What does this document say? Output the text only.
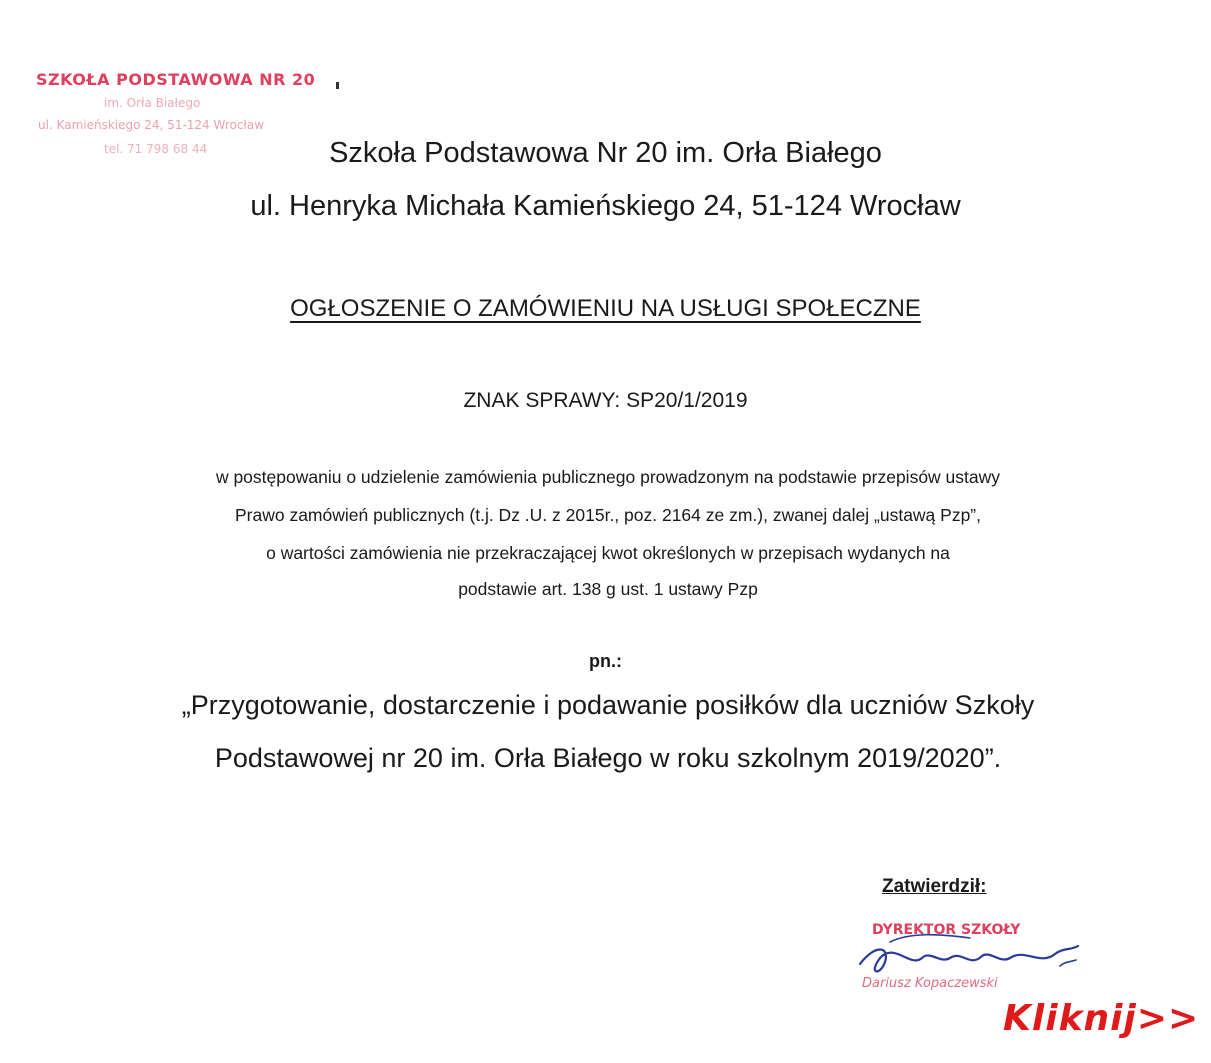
SZKOŁA PODSTAWOWA NR 20
im. Orła Białego
ul. Kamieńskiego 24, 51-124 Wrocław
tel. 71 798 68 44	Szkoła Podstawowa Nr 20 im. Orła Białego
ul. Henryka Michała Kamieńskiego 24, 51-124 Wrocław
OGŁOSZENIE O ZAMÓWIENIU NA USŁUGI SPOŁECZNE
ZNAK SPRAWY: SP20/1/2019
w postępowaniu o udzielenie zamówienia publicznego prowadzonym na podstawie przepisów ustawy
Prawo zamówień publicznych (t.j. Dz .U. z 2015r., poz. 2164 ze zm.), zwanej dalej „ustawą Pzp”,
o wartości zamówienia nie przekraczającej kwot określonych w przepisach wydanych na
podstawie art. 138 g ust. 1 ustawy Pzp
pn.:
„Przygotowanie, dostarczenie i podawanie posiłków dla uczniów Szkoły
Podstawowej nr 20 im. Orła Białego w roku szkolnym 2019/2020”.
Zatwierdził:
DYREKTOR SZKOŁY
Dariusz Kopaczewski
Kliknij>>
